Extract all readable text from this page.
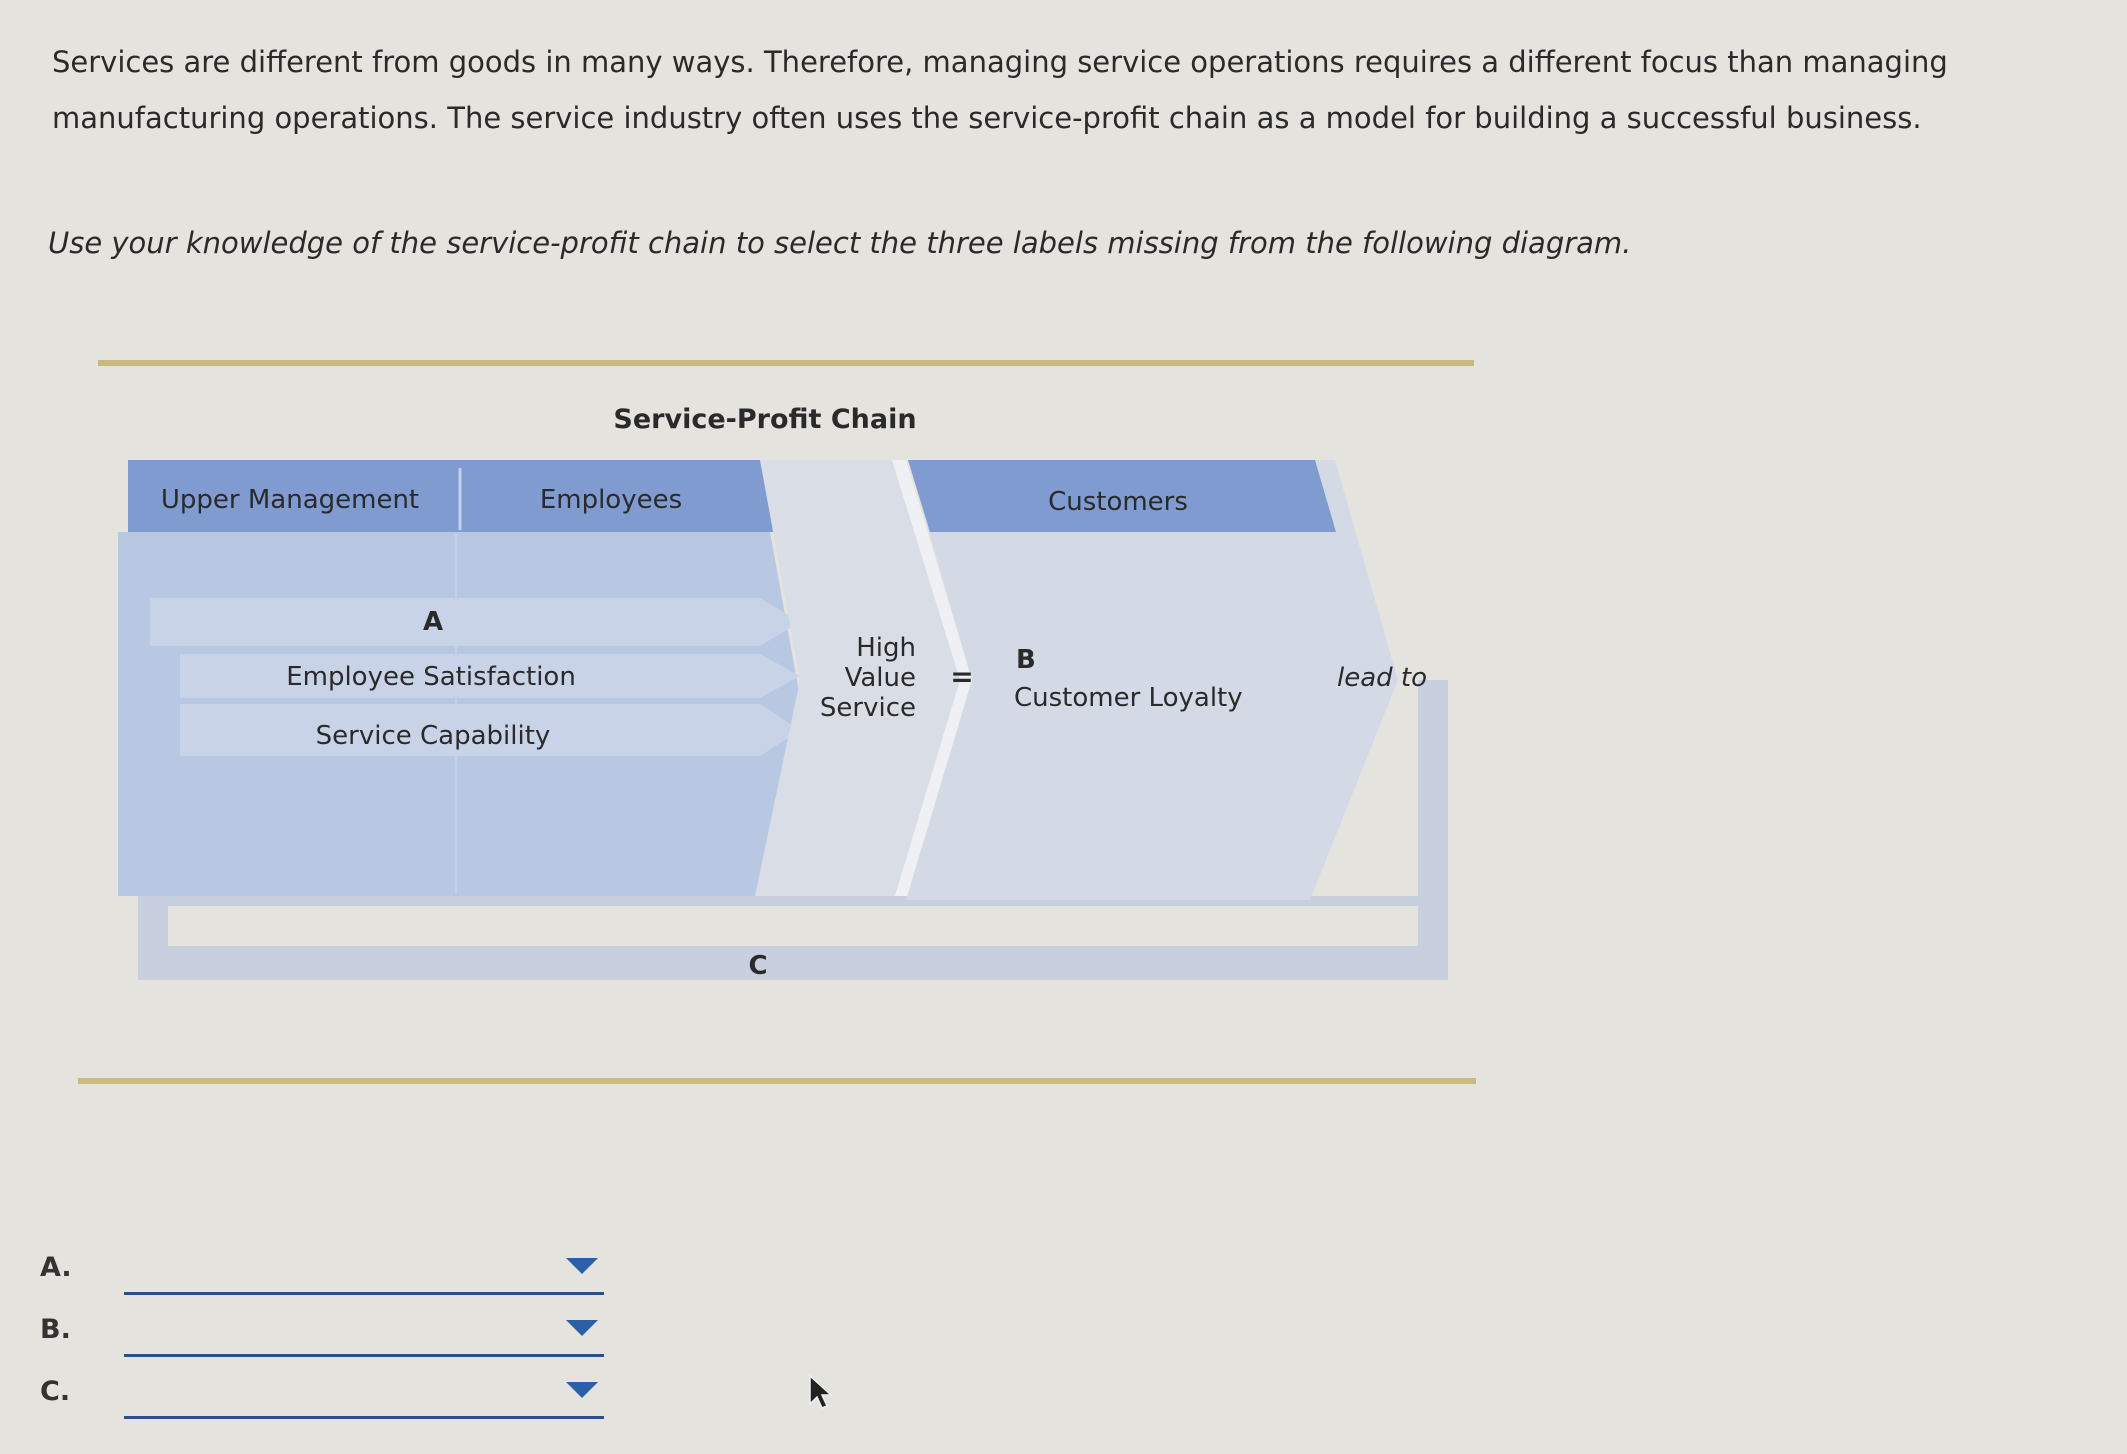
Services are different from goods in many ways. Therefore, managing service operations requires a different focus than managing manufacturing operations. The service industry often uses the service-profit chain as a model for building a successful business.

Use your knowledge of the service-profit chain to select the three labels missing from the following diagram.

Service-Profit Chain
Upper Management	Employees	Customers
A
Employee Satisfaction
Service Capability
High
Value
Service
= B
Customer Loyalty
lead to
C
A.
B.
C.
